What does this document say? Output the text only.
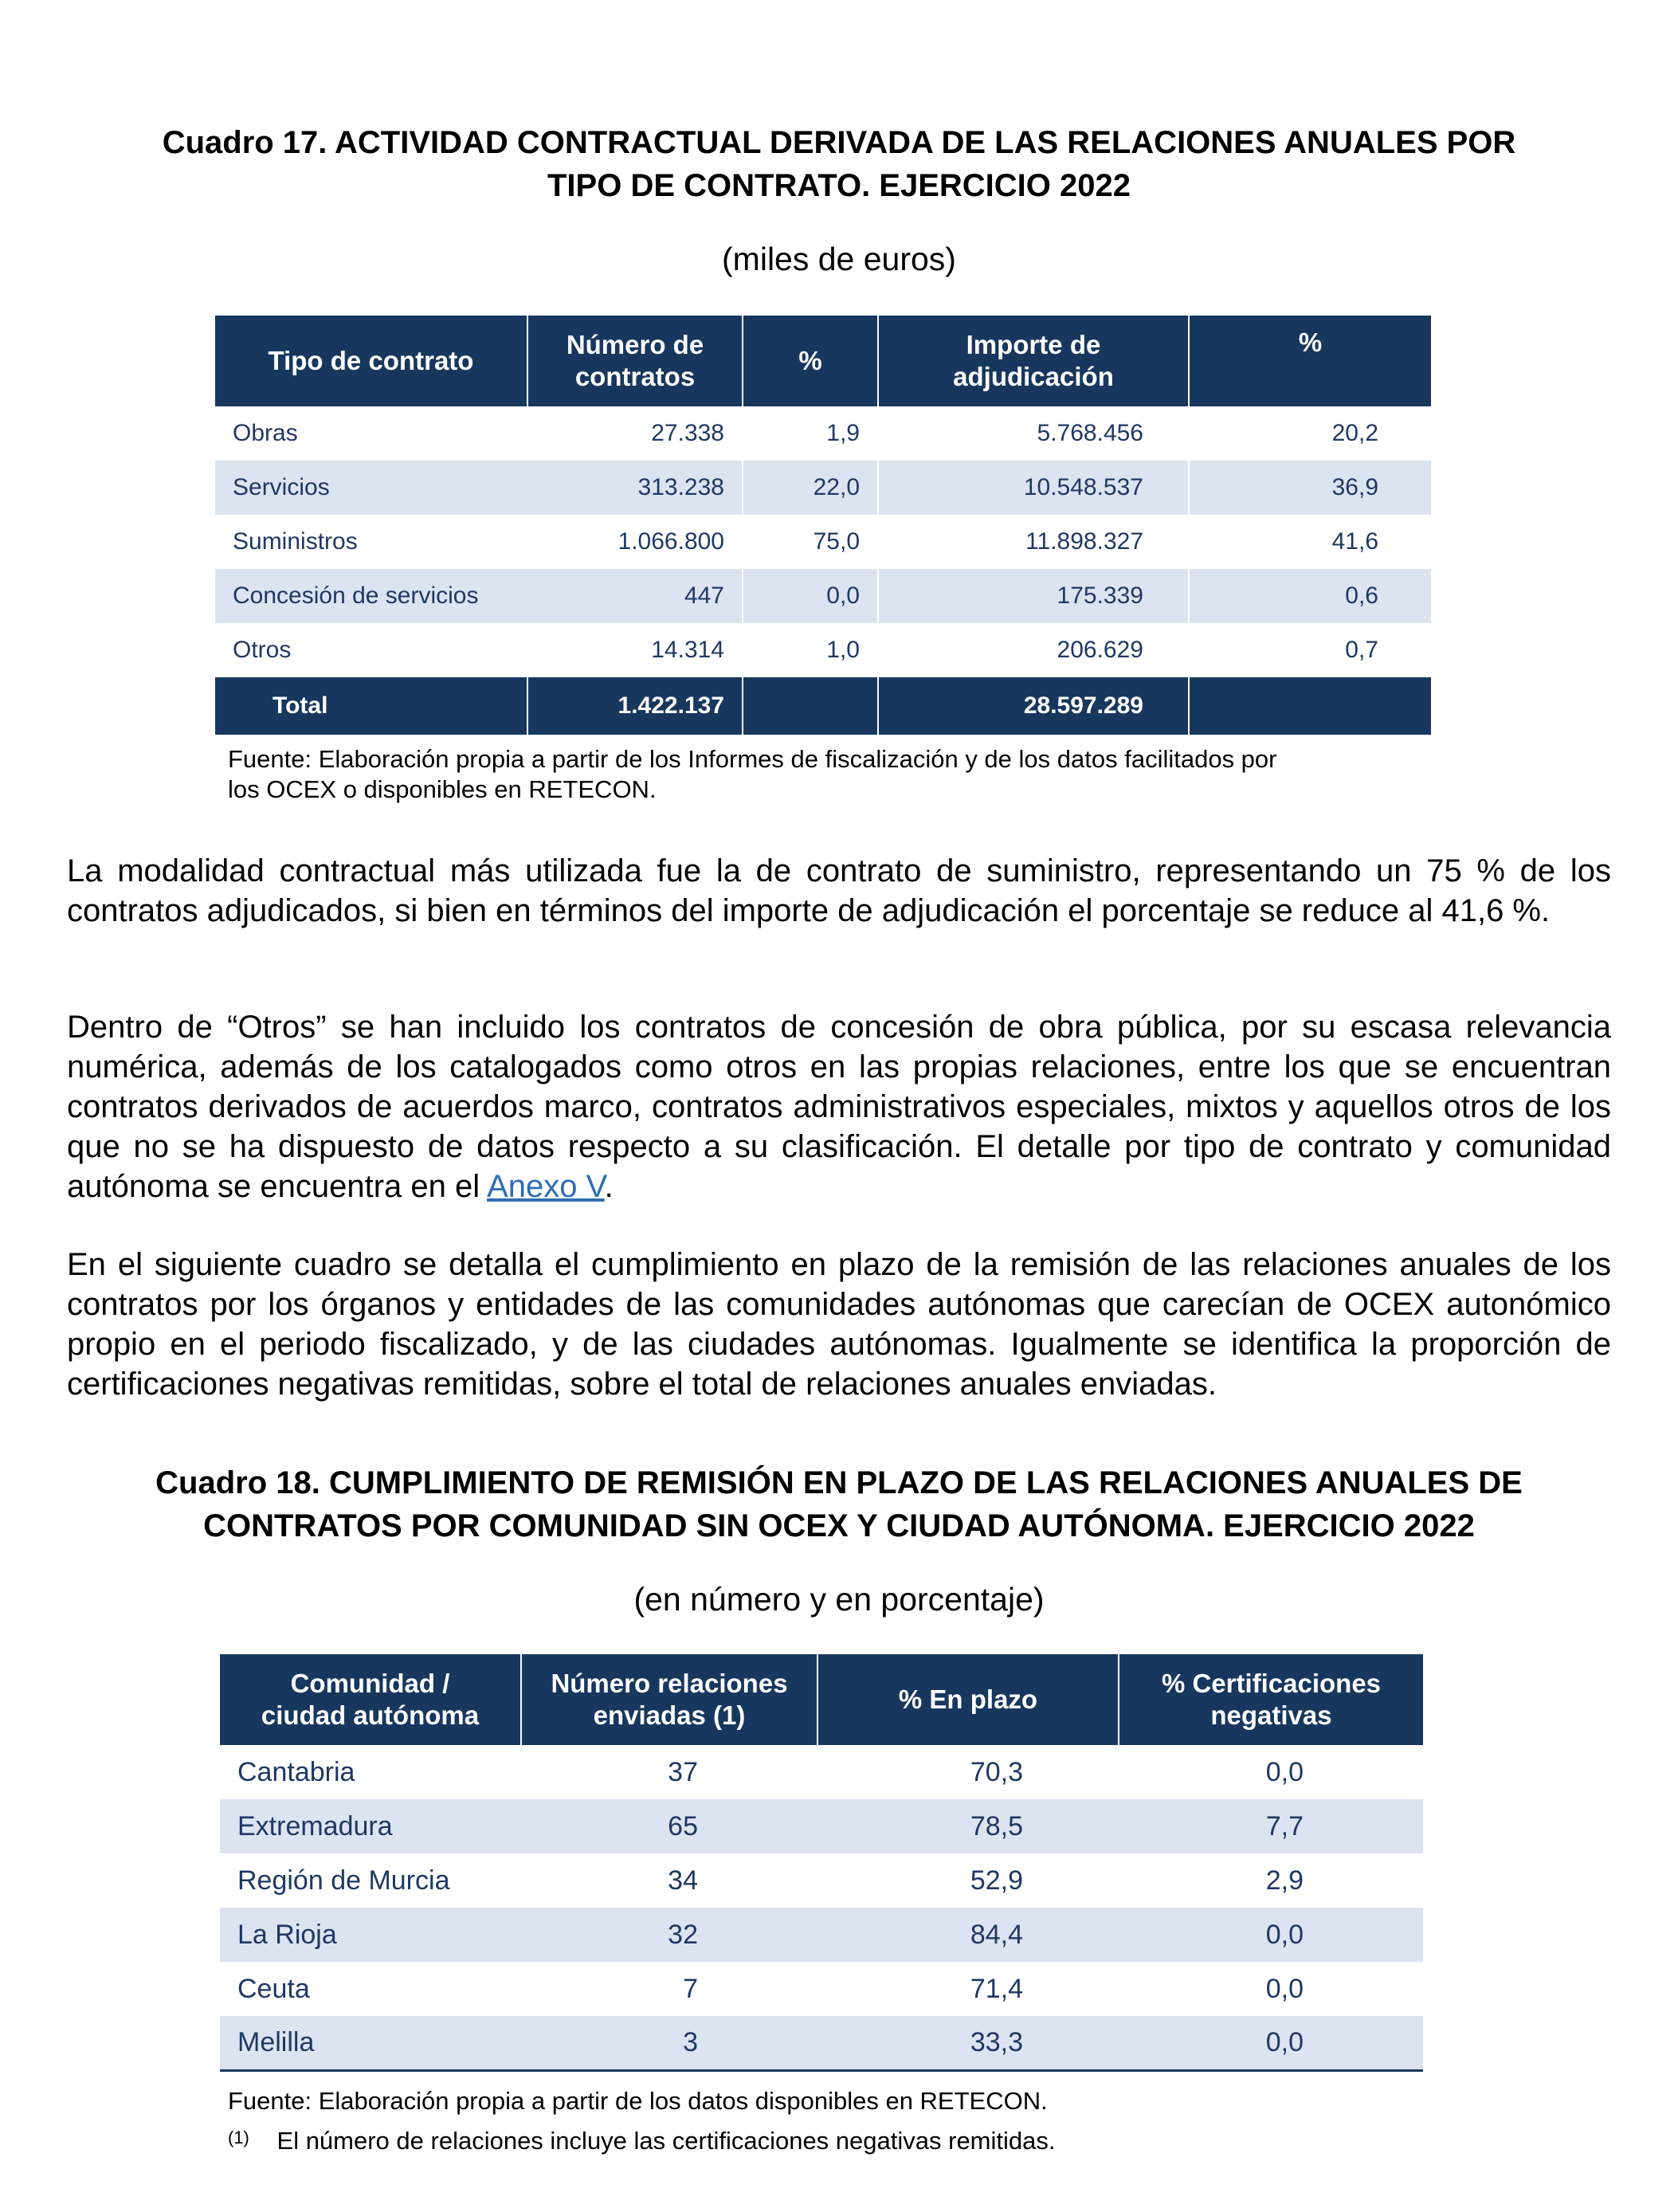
Cuadro 17. ACTIVIDAD CONTRACTUAL DERIVADA DE LAS RELACIONES ANUALES POR
TIPO DE CONTRATO. EJERCICIO 2022
(miles de euros)
Tipo de contrato	Número de contratos	%	Importe de adjudicación	%
Obras	27.338	1,9	5.768.456	20,2
Servicios	313.238	22,0	10.548.537	36,9
Suministros	1.066.800	75,0	11.898.327	41,6
Concesión de servicios	447	0,0	175.339	0,6
Otros	14.314	1,0	206.629	0,7
Total	1.422.137		28.597.289	
Fuente: Elaboración propia a partir de los Informes de fiscalización y de los datos facilitados por
los OCEX o disponibles en RETECON.
La modalidad contractual más utilizada fue la de contrato de suministro, representando un 75 % de los contratos adjudicados, si bien en términos del importe de adjudicación el porcentaje se reduce al 41,6 %.
Dentro de “Otros” se han incluido los contratos de concesión de obra pública, por su escasa relevancia numérica, además de los catalogados como otros en las propias relaciones, entre los que se encuentran contratos derivados de acuerdos marco, contratos administrativos especiales, mixtos y aquellos otros de los que no se ha dispuesto de datos respecto a su clasificación. El detalle por tipo de contrato y comunidad autónoma se encuentra en el Anexo V.
En el siguiente cuadro se detalla el cumplimiento en plazo de la remisión de las relaciones anuales de los contratos por los órganos y entidades de las comunidades autónomas que carecían de OCEX autonómico propio en el periodo fiscalizado, y de las ciudades autónomas. Igualmente se identifica la proporción de certificaciones negativas remitidas, sobre el total de relaciones anuales enviadas.
Cuadro 18. CUMPLIMIENTO DE REMISIÓN EN PLAZO DE LAS RELACIONES ANUALES DE
CONTRATOS POR COMUNIDAD SIN OCEX Y CIUDAD AUTÓNOMA. EJERCICIO 2022
(en número y en porcentaje)
Comunidad / ciudad autónoma	Número relaciones enviadas (1)	% En plazo	% Certificaciones negativas
Cantabria	37	70,3	0,0
Extremadura	65	78,5	7,7
Región de Murcia	34	52,9	2,9
La Rioja	32	84,4	0,0
Ceuta	7	71,4	0,0
Melilla	3	33,3	0,0
Fuente: Elaboración propia a partir de los datos disponibles en RETECON.
$^{(1)}$ El número de relaciones incluye las certificaciones negativas remitidas.
